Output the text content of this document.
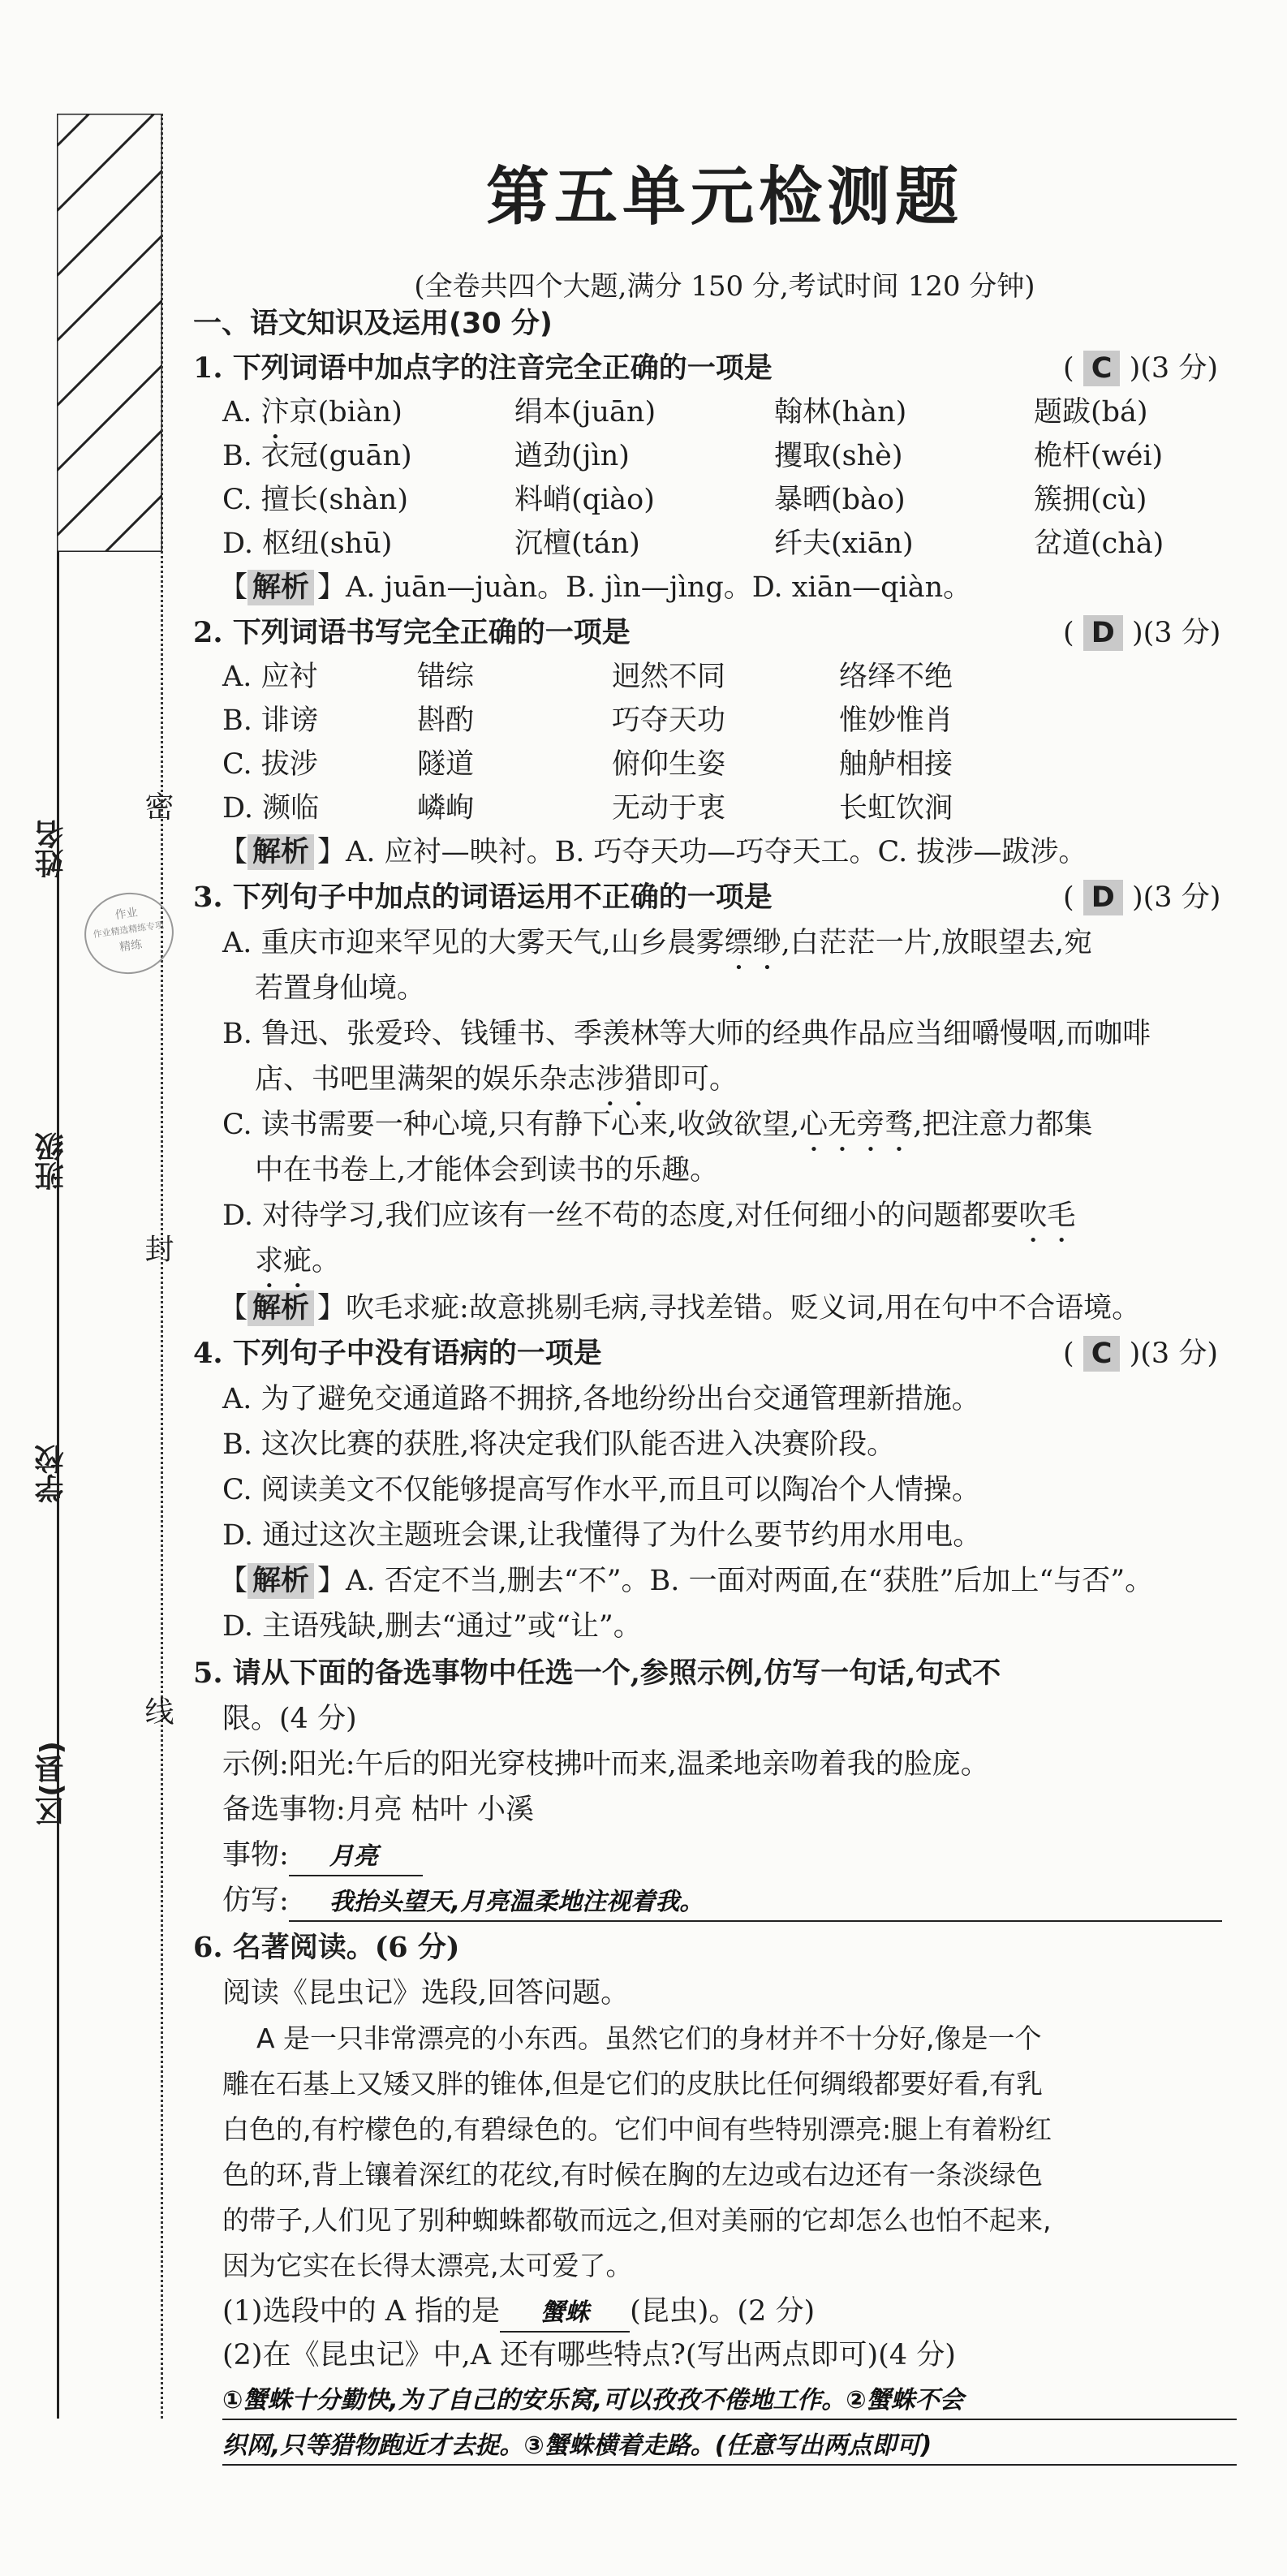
姓名
班级
学校
区(县)
密
封
线
作业
作业精选精练专项
精练
第五单元检测题
(全卷共四个大题,满分 150 分,考试时间 120 分钟)
一、语文知识及运用(30 分)
1. 下列词语中加点字的注音完全正确的一项是	( C )(3 分)
A. 汴京(biàn)	绢本(juān)	翰林(hàn)	题跋(bá)
B. 衣冠(guān)	遒劲(jìn)	攫取(shè)	桅杆(wéi)
C. 擅长(shàn)	料峭(qiào)	暴晒(bào)	簇拥(cù)
D. 枢纽(shū)	沉檀(tán)	纤夫(xiān)	岔道(chà)
【 解析 】A. juān—juàn。B. jìn—jìng。D. xiān—qiàn。
2. 下列词语书写完全正确的一项是	( D )(3 分)
A. 应衬	错综	迥然不同	络绎不绝
B. 诽谤	斟酌	巧夺天功	惟妙惟肖
C. 拔涉	隧道	俯仰生姿	舳舻相接
D. 濒临	嶙峋	无动于衷	长虹饮涧
【 解析 】A. 应衬—映衬。B. 巧夺天功—巧夺天工。C. 拔涉—跋涉。
3. 下列句子中加点的词语运用不正确的一项是	( D )(3 分)
A. 重庆市迎来罕见的大雾天气,山乡晨雾缥缈,白茫茫一片,放眼望去,宛
若置身仙境。
B. 鲁迅、张爱玲、钱锺书、季羡林等大师的经典作品应当细嚼慢咽,而咖啡
店、书吧里满架的娱乐杂志涉猎即可。
C. 读书需要一种心境,只有静下心来,收敛欲望,心无旁骛,把注意力都集
中在书卷上,才能体会到读书的乐趣。
D. 对待学习,我们应该有一丝不苟的态度,对任何细小的问题都要吹毛
求疵。
【 解析 】吹毛求疵:故意挑剔毛病,寻找差错。贬义词,用在句中不合语境。
4. 下列句子中没有语病的一项是	( C )(3 分)
A. 为了避免交通道路不拥挤,各地纷纷出台交通管理新措施。
B. 这次比赛的获胜,将决定我们队能否进入决赛阶段。
C. 阅读美文不仅能够提高写作水平,而且可以陶冶个人情操。
D. 通过这次主题班会课,让我懂得了为什么要节约用水用电。
【 解析 】A. 否定不当,删去“不”。B. 一面对两面,在“获胜”后加上“与否”。
D. 主语残缺,删去“通过”或“让”。
5. 请从下面的备选事物中任选一个,参照示例,仿写一句话,句式不
限。(4 分)
示例:阳光:午后的阳光穿枝拂叶而来,温柔地亲吻着我的脸庞。
备选事物:月亮 枯叶 小溪
事物: 月亮
仿写: 我抬头望天,月亮温柔地注视着我。
6. 名著阅读。(6 分)
阅读《昆虫记》选段,回答问题。
A 是一只非常漂亮的小东西。虽然它们的身材并不十分好,像是一个
雕在石基上又矮又胖的锥体,但是它们的皮肤比任何绸缎都要好看,有乳
白色的,有柠檬色的,有碧绿色的。它们中间有些特别漂亮:腿上有着粉红
色的环,背上镶着深红的花纹,有时候在胸的左边或右边还有一条淡绿色
的带子,人们见了别种蜘蛛都敬而远之,但对美丽的它却怎么也怕不起来,
因为它实在长得太漂亮,太可爱了。
(1)选段中的 A 指的是 蟹蛛 (昆虫)。(2 分)
(2)在《昆虫记》中,A 还有哪些特点?(写出两点即可)(4 分)
①蟹蛛十分勤快,为了自己的安乐窝,可以孜孜不倦地工作。②蟹蛛不会
织网,只等猎物跑近才去捉。③蟹蛛横着走路。(任意写出两点即可)
